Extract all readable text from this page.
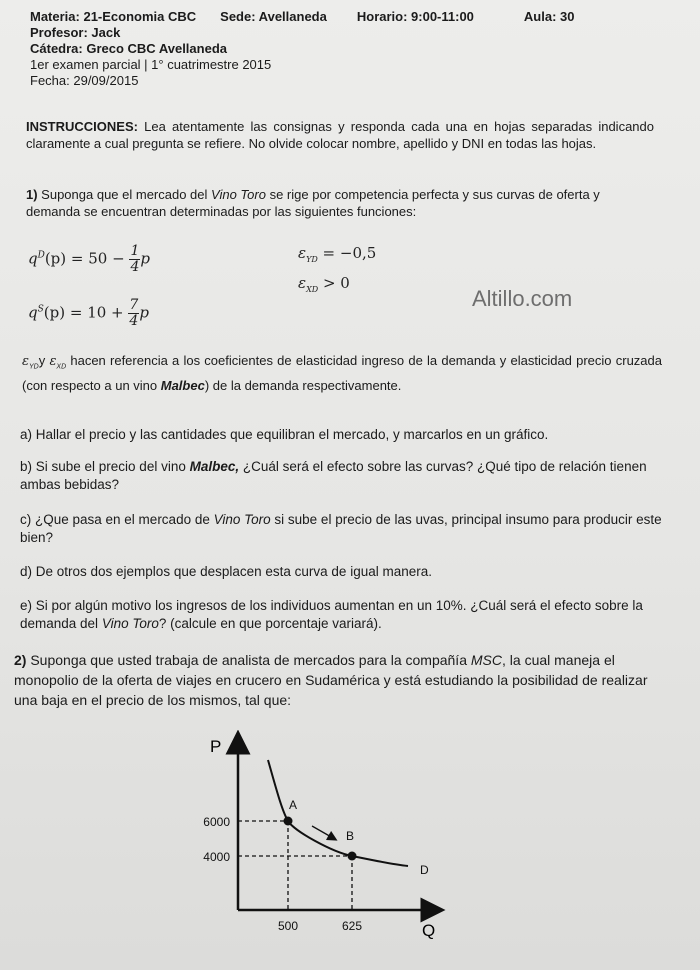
Materia: 21-Economia CBC Sede: Avellaneda Horario: 9:00-11:00	Aula: 30
Profesor: Jack
Cátedra: Greco CBC Avellaneda
1er examen parcial | 1° cuatrimestre 2015
Fecha: 29/09/2015
INSTRUCCIONES: Lea atentamente las consignas y responda cada una en hojas separadas indicando claramente a cual pregunta se refiere. No olvide colocar nombre, apellido y DNI en todas las hojas.
1) Suponga que el mercado del Vino Toro se rige por competencia perfecta y sus curvas de oferta y demanda se encuentran determinadas por las siguientes funciones:
$q^D(p) = 50 - \frac{1}{4}$ p
$q^S(p) = 10 + \frac{7}{4}$ p
$\varepsilon_{YD} = -0,5$
$\varepsilon_{XD} > 0$
Altillo.com
$\varepsilon_{YD}y$ $\varepsilon_{XD}$ hacen referencia a los coeficientes de elasticidad ingreso de la demanda y elasticidad precio cruzada (con respecto a un vino Malbec) de la demanda respectivamente.
a) Hallar el precio y las cantidades que equilibran el mercado, y marcarlos en un gráfico.
b) Si sube el precio del vino Malbec, ¿Cuál será el efecto sobre las curvas? ¿Qué tipo de relación tienen ambas bebidas?
c) ¿Que pasa en el mercado de Vino Toro si sube el precio de las uvas, principal insumo para producir este bien?
d) De otros dos ejemplos que desplacen esta curva de igual manera.
e) Si por algún motivo los ingresos de los individuos aumentan en un 10%. ¿Cuál será el efecto sobre la demanda del Vino Toro? (calcule en que porcentaje variará).
2) Suponga que usted trabaja de analista de mercados para la compañía MSC, la cual maneja el monopolio de la oferta de viajes en crucero en Sudamérica y está estudiando la posibilidad de realizar una baja en el precio de los mismos, tal que:
P
Q
A
B
D
6000
4000
500	625
